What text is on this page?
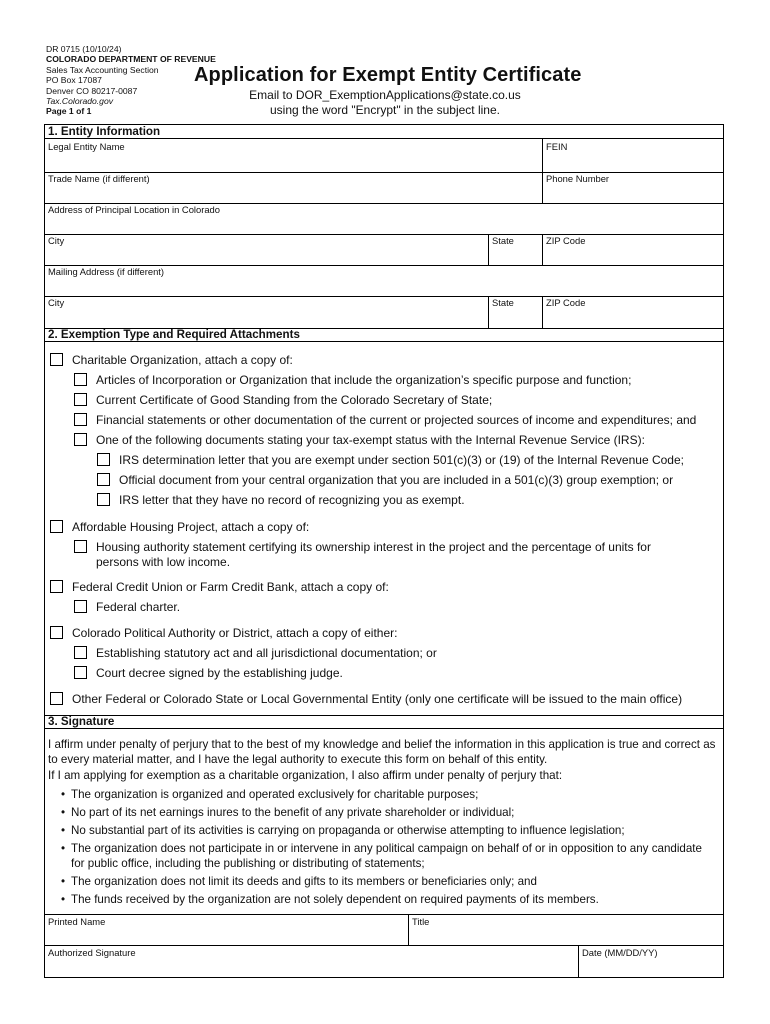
DR 0715 (10/10/24)
COLORADO DEPARTMENT OF REVENUE
Sales Tax Accounting Section
PO Box 17087
Denver CO 80217-0087
Tax.Colorado.gov
Page 1 of 1
Application for Exempt Entity Certificate
Email to DOR_ExemptionApplications@state.co.us
using the word "Encrypt" in the subject line.
1. Entity Information
Legal Entity Name	FEIN
Trade Name (if different)	Phone Number
Address of Principal Location in Colorado
City	State	ZIP Code
Mailing Address (if different)
City	State	ZIP Code
2. Exemption Type and Required Attachments
Charitable Organization, attach a copy of:
Articles of Incorporation or Organization that include the organization’s specific purpose and function;
Current Certificate of Good Standing from the Colorado Secretary of State;
Financial statements or other documentation of the current or projected sources of income and expenditures; and
One of the following documents stating your tax-exempt status with the Internal Revenue Service (IRS):
IRS determination letter that you are exempt under section 501(c)(3) or (19) of the Internal Revenue Code;
Official document from your central organization that you are included in a 501(c)(3) group exemption; or
IRS letter that they have no record of recognizing you as exempt.
Affordable Housing Project, attach a copy of:
Housing authority statement certifying its ownership interest in the project and the percentage of units for persons with low income.
Federal Credit Union or Farm Credit Bank, attach a copy of:
Federal charter.
Colorado Political Authority or District, attach a copy of either:
Establishing statutory act and all jurisdictional documentation; or
Court decree signed by the establishing judge.
Other Federal or Colorado State or Local Governmental Entity (only one certificate will be issued to the main office)
3. Signature
I affirm under penalty of perjury that to the best of my knowledge and belief the information in this application is true and correct as to every material matter, and I have the legal authority to execute this form on behalf of this entity.
If I am applying for exemption as a charitable organization, I also affirm under penalty of perjury that:
• The organization is organized and operated exclusively for charitable purposes;
• No part of its net earnings inures to the benefit of any private shareholder or individual;
• No substantial part of its activities is carrying on propaganda or otherwise attempting to influence legislation;
• The organization does not participate in or intervene in any political campaign on behalf of or in opposition to any candidate for public office, including the publishing or distributing of statements;
• The organization does not limit its deeds and gifts to its members or beneficiaries only; and
• The funds received by the organization are not solely dependent on required payments of its members.
Printed Name	Title
Authorized Signature	Date (MM/DD/YY)
